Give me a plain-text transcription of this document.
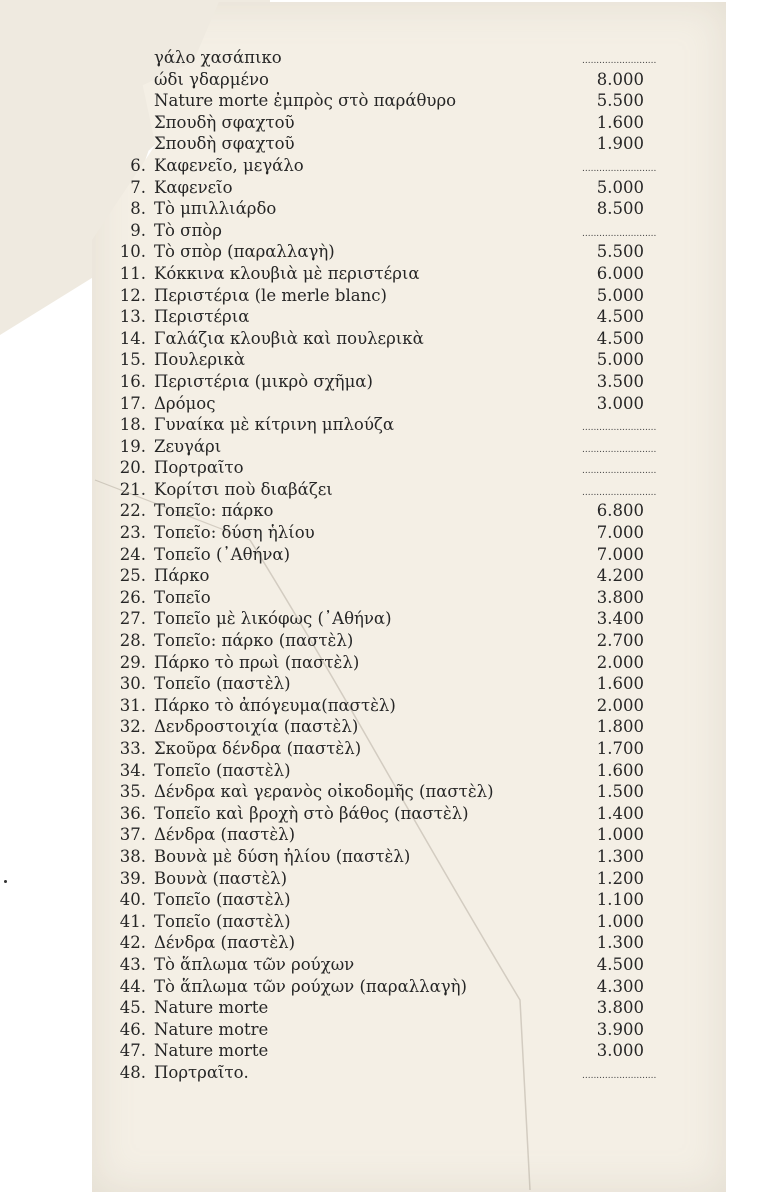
γάλο χασάπικο	..........................
ώδι γδαρμένο	8.000
Nature morte ἐμπρὸς στὸ παράθυρο	5.500
Σπουδὴ σφαχτοῦ	1.600
Σπουδὴ σφαχτοῦ	1.900
6. Καφενεῖο, μεγάλο	..........................
7. Καφενεῖο	5.000
8. Τὸ μπιλλιάρδο	8.500
9. Τὸ σπὸρ	..........................
10. Τὸ σπὸρ (παραλλαγὴ)	5.500
11. Κόκκινα κλουβιὰ μὲ περιστέρια	6.000
12. Περιστέρια (le merle blanc)	5.000
13. Περιστέρια	4.500
14. Γαλάζια κλουβιὰ καὶ πουλερικὰ	4.500
15. Πουλερικὰ	5.000
16. Περιστέρια (μικρὸ σχῆμα)	3.500
17. Δρόμος	3.000
18. Γυναίκα μὲ κίτρινη μπλούζα	..........................
19. Ζευγάρι	..........................
20. Πορτραῖτο	..........................
21. Κορίτσι ποὺ διαβάζει	..........................
22. Τοπεῖο: πάρκο	6.800
23. Τοπεῖο: δύση ἡλίου	7.000
24. Τοπεῖο (᾿Αθήνα)	7.000
25. Πάρκο	4.200
26. Τοπεῖο	3.800
27. Τοπεῖο μὲ λικόφως (᾿Αθήνα)	3.400
28. Τοπεῖο: πάρκο (παστὲλ)	2.700
29. Πάρκο τὸ πρωὶ (παστὲλ)	2.000
30. Τοπεῖο (παστὲλ)	1.600
31. Πάρκο τὸ ἀπόγευμα(παστὲλ)	2.000
32. Δενδροστοιχία (παστὲλ)	1.800
33. Σκοῦρα δένδρα (παστὲλ)	1.700
34. Τοπεῖο (παστὲλ)	1.600
35. Δένδρα καὶ γερανὸς οἰκοδομῆς (παστὲλ)	1.500
36. Τοπεῖο καὶ βροχὴ στὸ βάθος (παστὲλ)	1.400
37. Δένδρα (παστὲλ)	1.000
38. Βουνὰ μὲ δύση ἡλίου (παστὲλ)	1.300
39. Βουνὰ (παστὲλ)	1.200
40. Τοπεῖο (παστὲλ)	1.100
41. Τοπεῖο (παστὲλ)	1.000
42. Δένδρα (παστὲλ)	1.300
43. Τὸ ἅπλωμα τῶν ρούχων	4.500
44. Τὸ ἅπλωμα τῶν ρούχων (παραλλαγὴ)	4.300
45. Nature morte	3.800
46. Nature motre	3.900
47. Nature morte	3.000
48. Πορτραῖτο.	..........................
